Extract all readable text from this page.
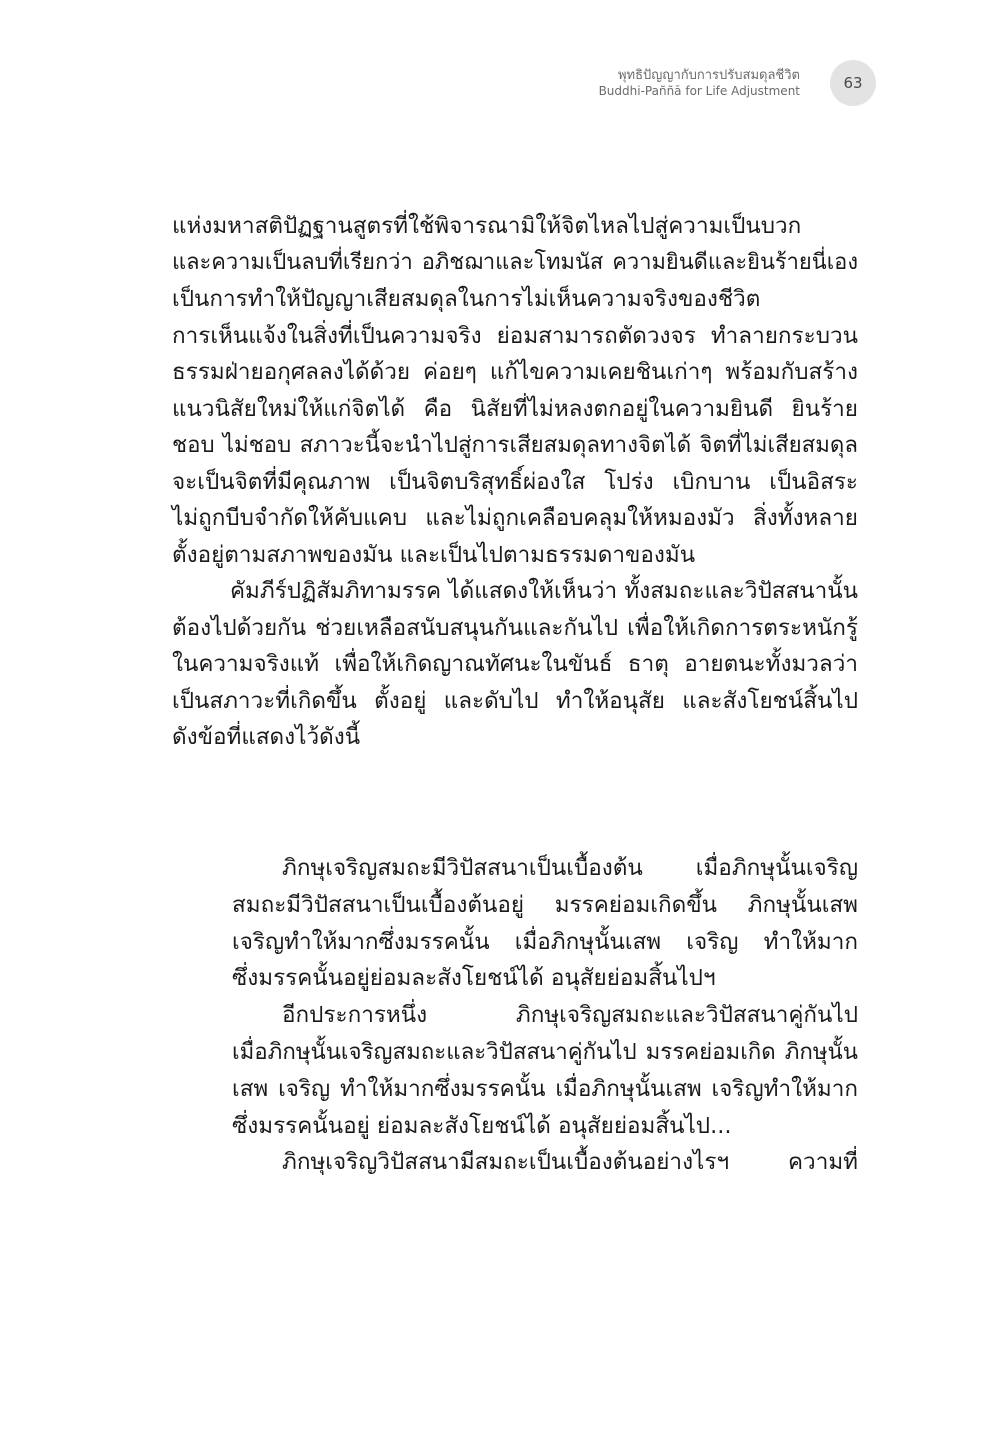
พุทธิปัญญากับการปรับสมดุลชีวิต
Buddhi-Paññā for Life Adjustment	63
แห่งมหาสติปัฏฐานสูตรที่ใช้พิจารณามิให้จิตไหลไปสู่ความเป็นบวก
และความเป็นลบที่เรียกว่า อภิชฌาและโทมนัส ความยินดีและยินร้ายนี่เอง
เป็นการทำให้ปัญญาเสียสมดุลในการไม่เห็นความจริงของชีวิต
การเห็นแจ้งในสิ่งที่เป็นความจริง ย่อมสามารถตัดวงจร ทำลายกระบวน
ธรรมฝ่ายอกุศลลงได้ด้วย ค่อยๆ แก้ไขความเคยชินเก่าๆ พร้อมกับสร้าง
แนวนิสัยใหม่ให้แก่จิตได้ คือ นิสัยที่ไม่หลงตกอยู่ในความยินดี ยินร้าย
ชอบ ไม่ชอบ สภาวะนี้จะนำไปสู่การเสียสมดุลทางจิตได้ จิตที่ไม่เสียสมดุล
จะเป็นจิตที่มีคุณภาพ เป็นจิตบริสุทธิ์ผ่องใส โปร่ง เบิกบาน เป็นอิสระ
ไม่ถูกบีบจำกัดให้คับแคบ และไม่ถูกเคลือบคลุมให้หมองมัว สิ่งทั้งหลาย
ตั้งอยู่ตามสภาพของมัน และเป็นไปตามธรรมดาของมัน
คัมภีร์ปฏิสัมภิทามรรค ได้แสดงให้เห็นว่า ทั้งสมถะและวิปัสสนานั้น
ต้องไปด้วยกัน ช่วยเหลือสนับสนุนกันและกันไป เพื่อให้เกิดการตระหนักรู้
ในความจริงแท้ เพื่อให้เกิดญาณทัศนะในขันธ์ ธาตุ อายตนะทั้งมวลว่า
เป็นสภาวะที่เกิดขึ้น ตั้งอยู่ และดับไป ทำให้อนุสัย และสังโยชน์สิ้นไป
ดังข้อที่แสดงไว้ดังนี้
ภิกษุเจริญสมถะมีวิปัสสนาเป็นเบื้องต้น เมื่อภิกษุนั้นเจริญ
สมถะมีวิปัสสนาเป็นเบื้องต้นอยู่ มรรคย่อมเกิดขึ้น ภิกษุนั้นเสพ
เจริญทำให้มากซึ่งมรรคนั้น เมื่อภิกษุนั้นเสพ เจริญ ทำให้มาก
ซึ่งมรรคนั้นอยู่ย่อมละสังโยชน์ได้ อนุสัยย่อมสิ้นไปฯ
อีกประการหนึ่ง ภิกษุเจริญสมถะและวิปัสสนาคู่กันไป
เมื่อภิกษุนั้นเจริญสมถะและวิปัสสนาคู่กันไป มรรคย่อมเกิด ภิกษุนั้น
เสพ เจริญ ทำให้มากซึ่งมรรคนั้น เมื่อภิกษุนั้นเสพ เจริญทำให้มาก
ซึ่งมรรคนั้นอยู่ ย่อมละสังโยชน์ได้ อนุสัยย่อมสิ้นไป...
ภิกษุเจริญวิปัสสนามีสมถะเป็นเบื้องต้นอย่างไรฯ ความที่
